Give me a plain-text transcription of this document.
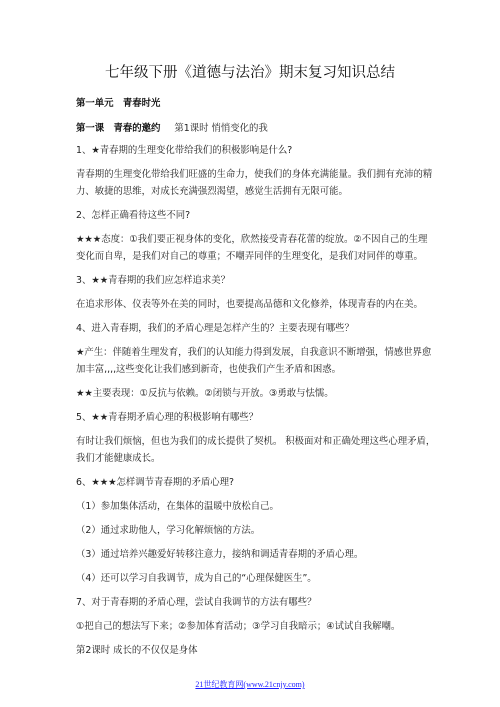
七年级下册《道德与法治》期末复习知识总结
第一单元　青春时光
第一课　青春的邀约 第1课时 悄悄变化的我
1、★青春期的生理变化带给我们的积极影响是什么?
青春期的生理变化带给我们旺盛的生命力，使我们的身体充满能量。我们拥有充沛的精
力、敏捷的思维，对成长充满强烈渴望，感觉生活拥有无限可能。
2、怎样正确看待这些不同?
★★★态度：①我们要正视身体的变化，欣然接受青春花蕾的绽放。②不因自己的生理
变化而自卑，是我们对自己的尊重；不嘲弄同伴的生理变化，是我们对同伴的尊重。
3、★★青春期的我们应怎样追求美？
在追求形体、仪表等外在美的同时，也要提高品德和文化修养，体现青春的内在美。
4、进入青春期，我们的矛盾心理是怎样产生的？主要表现有哪些？
★产生：伴随着生理发育，我们的认知能力得到发展，自我意识不断增强，情感世界愈
加丰富,,,,这些变化让我们感到新奇，也使我们产生矛盾和困惑。
★★主要表现：①反抗与依赖。②闭锁与开放。③勇敢与怯懦。
5、★★青春期矛盾心理的积极影响有哪些？
有时让我们烦恼，但也为我们的成长提供了契机。 积极面对和正确处理这些心理矛盾，
我们才能健康成长。
6、★★★怎样调节青春期的矛盾心理?
（1）参加集体活动，在集体的温暖中放松自己。
（2）通过求助他人，学习化解烦恼的方法。
（3）通过培养兴趣爱好转移注意力，接纳和调适青春期的矛盾心理。
（4）还可以学习自我调节，成为自己的“心理保健医生”。
7、对于青春期的矛盾心理，尝试自我调节的方法有哪些？
①把自己的想法写下来；②参加体育活动；③学习自我暗示；④试试自我解嘲。
第2课时 成长的不仅仅是身体
21世纪教育网(www.21cnjy.com)
